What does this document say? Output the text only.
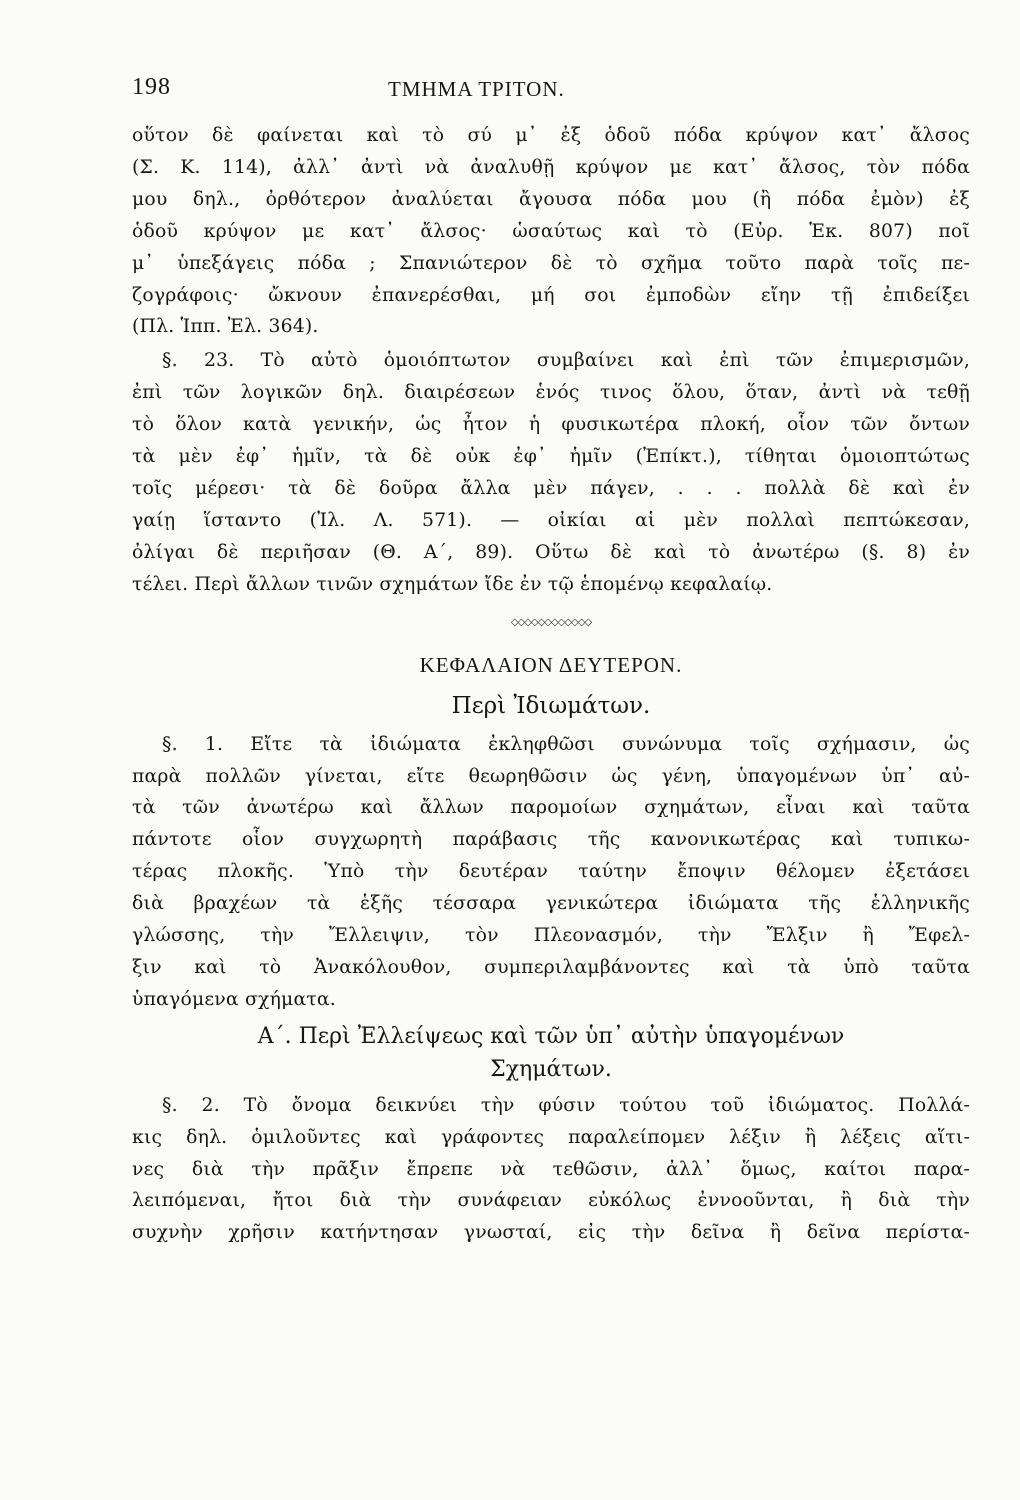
198	ΤΜΗΜΑ ΤΡΙΤΟΝ.

οὕτον δὲ φαίνεται καὶ τὸ σύ μ᾽ ἐξ ὁδοῦ πόδα κρύψον κατ᾽ ἄλσος
(Σ. Κ. 114), ἀλλ᾽ ἀντὶ νὰ ἀναλυθῇ κρύψον με κατ᾽ ἄλσος, τὸν πόδα
μου δηλ., ὀρθότερον ἀναλύεται ἄγουσα πόδα μου (ἢ πόδα ἐμὸν) ἐξ
ὁδοῦ κρύψον με κατ᾽ ἄλσος· ὡσαύτως καὶ τὸ (Εὐρ. Ἑκ. 807) ποῖ
μ᾽ ὑπεξάγεις πόδα ; Σπανιώτερον δὲ τὸ σχῆμα τοῦτο παρὰ τοῖς πε-
ζογράφοις· ὤκνουν ἐπανερέσθαι, μή σοι ἐμποδὼν εἴην τῇ ἐπιδείξει
(Πλ. Ἱππ. Ἐλ. 364).

§. 23. Τὸ αὐτὸ ὁμοιόπτωτον συμβαίνει καὶ ἐπὶ τῶν ἐπιμερισμῶν,
ἐπὶ τῶν λογικῶν δηλ. διαιρέσεων ἑνός τινος ὅλου, ὅταν, ἀντὶ νὰ τεθῇ
τὸ ὅλον κατὰ γενικήν, ὡς ἦτον ἡ φυσικωτέρα πλοκή, οἷον τῶν ὄντων
τὰ μὲν ἐφ᾽ ἡμῖν, τὰ δὲ οὐκ ἐφ᾽ ἡμῖν (Ἐπίκτ.), τίθηται ὁμοιοπτώτως
τοῖς μέρεσι· τὰ δὲ δοῦρα ἄλλα μὲν πάγεν, . . . πολλὰ δὲ καὶ ἐν
γαίῃ ἵσταντο (Ἰλ. Λ. 571). — οἰκίαι αἱ μὲν πολλαὶ πεπτώκεσαν,
ὀλίγαι δὲ περιῆσαν (Θ. Α΄, 89). Οὕτω δὲ καὶ τὸ ἀνωτέρω (§. 8) ἐν
τέλει. Περὶ ἄλλων τινῶν σχημάτων ἴδε ἐν τῷ ἑπομένῳ κεφαλαίῳ.

◇◇◇◇◇◇◇◇◇◇◇◇
ΚΕΦΑΛΑΙΟΝ ΔΕΥΤΕΡΟΝ.
Περὶ Ἰδιωμάτων.

§. 1. Εἴτε τὰ ἰδιώματα ἐκληφθῶσι συνώνυμα τοῖς σχήμασιν, ὡς
παρὰ πολλῶν γίνεται, εἴτε θεωρηθῶσιν ὡς γένη, ὑπαγομένων ὑπ᾽ αὐ-
τὰ τῶν ἀνωτέρω καὶ ἄλλων παρομοίων σχημάτων, εἶναι καὶ ταῦτα
πάντοτε οἷον συγχωρητὴ παράβασις τῆς κανονικωτέρας καὶ τυπικω-
τέρας πλοκῆς. Ὑπὸ τὴν δευτέραν ταύτην ἔποψιν θέλομεν ἐξετάσει
διὰ βραχέων τὰ ἑξῆς τέσσαρα γενικώτερα ἰδιώματα τῆς ἑλληνικῆς
γλώσσης, τὴν Ἔλλειψιν, τὸν Πλεονασμόν, τὴν Ἔλξιν ἢ Ἔφελ-
ξιν καὶ τὸ Ἀνακόλουθον, συμπεριλαμβάνοντες καὶ τὰ ὑπὸ ταῦτα
ὑπαγόμενα σχήματα.

Α΄. Περὶ Ἐλλείψεως καὶ τῶν ὑπ᾽ αὐτὴν ὑπαγομένων
Σχημάτων.

§. 2. Τὸ ὄνομα δεικνύει τὴν φύσιν τούτου τοῦ ἰδιώματος. Πολλά-
κις δηλ. ὁμιλοῦντες καὶ γράφοντες παραλείπομεν λέξιν ἢ λέξεις αἵτι-
νες διὰ τὴν πρᾶξιν ἔπρεπε νὰ τεθῶσιν, ἀλλ᾽ ὅμως, καίτοι παρα-
λειπόμεναι, ἤτοι διὰ τὴν συνάφειαν εὐκόλως ἐννοοῦνται, ἢ διὰ τὴν
συχνὴν χρῆσιν κατήντησαν γνωσταί, εἰς τὴν δεῖνα ἢ δεῖνα περίστα-
